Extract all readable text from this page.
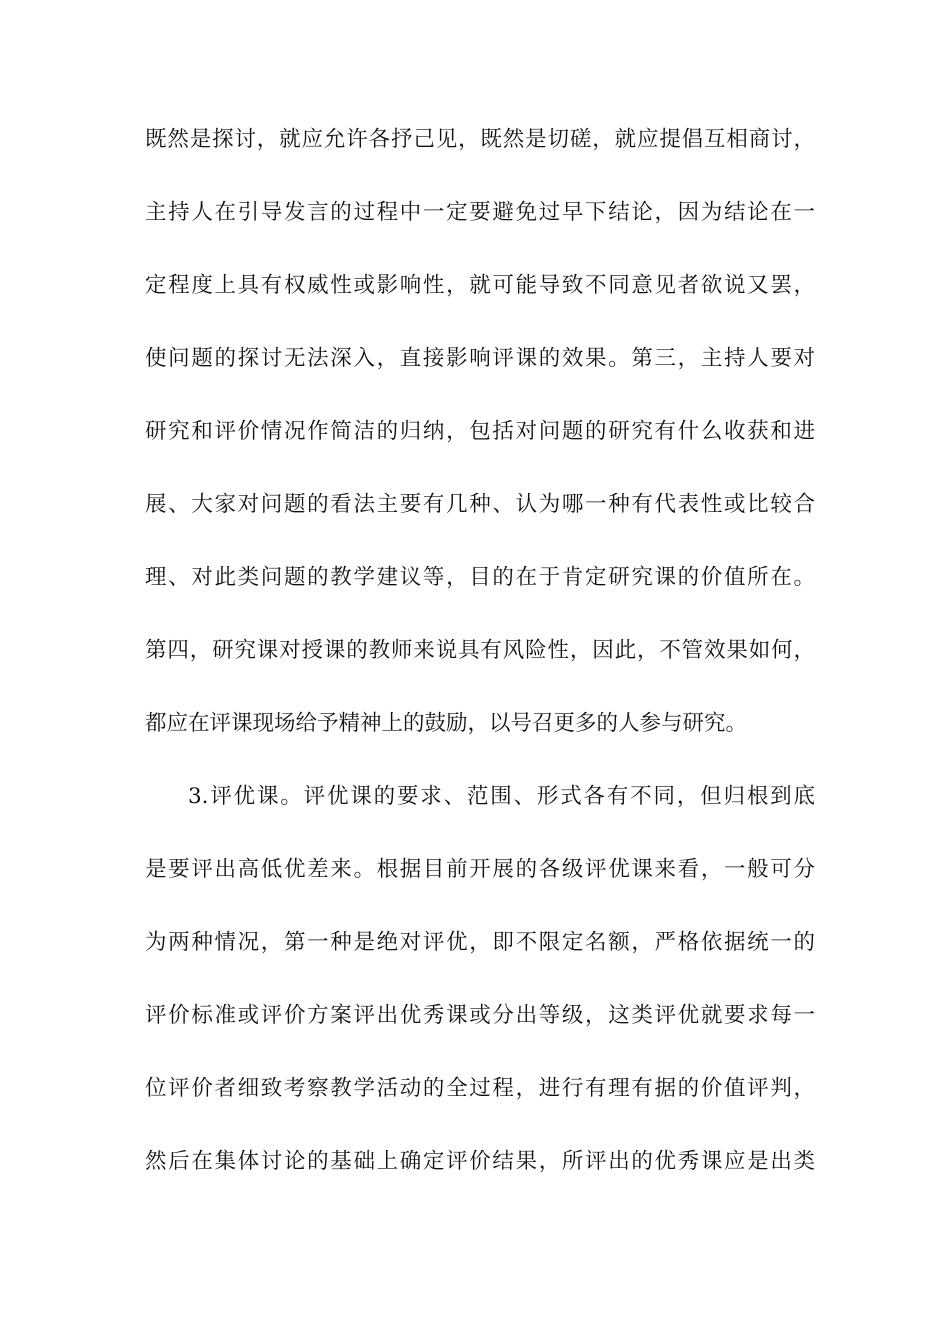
既然是探讨，就应允许各抒己见，既然是切磋，就应提倡互相商讨，
主持人在引导发言的过程中一定要避免过早下结论，因为结论在一
定程度上具有权威性或影响性，就可能导致不同意见者欲说又罢，
使问题的探讨无法深入，直接影响评课的效果。第三，主持人要对
研究和评价情况作简洁的归纳，包括对问题的研究有什么收获和进
展、大家对问题的看法主要有几种、认为哪一种有代表性或比较合
理、对此类问题的教学建议等，目的在于肯定研究课的价值所在。
第四，研究课对授课的教师来说具有风险性，因此，不管效果如何，
都应在评课现场给予精神上的鼓励，以号召更多的人参与研究。
3.评优课。评优课的要求、范围、形式各有不同，但归根到底
是要评出高低优差来。根据目前开展的各级评优课来看，一般可分
为两种情况，第一种是绝对评优，即不限定名额，严格依据统一的
评价标准或评价方案评出优秀课或分出等级，这类评优就要求每一
位评价者细致考察教学活动的全过程，进行有理有据的价值评判，
然后在集体讨论的基础上确定评价结果，所评出的优秀课应是出类
